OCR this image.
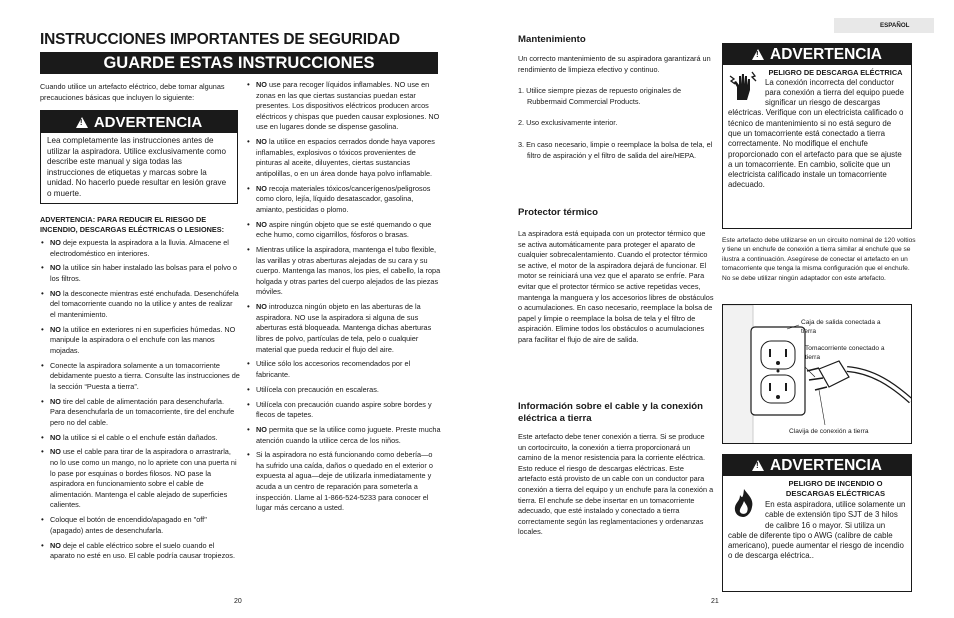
INSTRUCCIONES IMPORTANTES DE SEGURIDAD
GUARDE ESTAS INSTRUCCIONES
Cuando utilice un artefacto eléctrico, debe tomar algunas precauciones básicas que incluyen lo siguiente:
!
ADVERTENCIA
Lea completamente las instrucciones antes de utilizar la aspiradora. Utilice exclusivamente como describe este manual y siga todas las instrucciones de etiquetas y marcas sobre la unidad. No hacerlo puede resultar en lesión grave o muerte.
ADVERTENCIA: PARA REDUCIR EL RIESGO DE INCENDIO, DESCARGAS ELÉCTRICAS O LESIONES:
• NO deje expuesta la aspiradora a la lluvia. Almacene el electrodoméstico en interiores.
• NO la utilice sin haber instalado las bolsas para el polvo o los filtros.
• NO la desconecte mientras esté enchufada. Desenchúfela del tomacorriente cuando no la utilice y antes de realizar el mantenimiento.
• NO la utilice en exteriores ni en superficies húmedas. NO manipule la aspiradora o el enchufe con las manos mojadas.
• Conecte la aspiradora solamente a un tomacorriente debidamente puesto a tierra. Consulte las instrucciones de la sección “Puesta a tierra”.
• NO tire del cable de alimentación para desenchufarla. Para desenchufarla de un tomacorriente, tire del enchufe pero no del cable.
• NO la utilice si el cable o el enchufe están dañados.
• NO use el cable para tirar de la aspiradora o arrastrarla, no lo use como un mango, no lo apriete con una puerta ni lo pase por esquinas o bordes filosos. NO pase la aspiradora en funcionamiento sobre el cable de alimentación. Mantenga el cable alejado de superficies calientes.
• Coloque el botón de encendido/apagado en "off" (apagado) antes de desenchufarla.
• NO deje el cable eléctrico sobre el suelo cuando el aparato no esté en uso. El cable podría causar tropiezos.
• NO use para recoger líquidos inflamables. NO use en zonas en las que ciertas sustancias puedan estar presentes. Los dispositivos eléctricos producen arcos eléctricos y chispas que pueden causar explosiones. NO use en lugares donde se dispense gasolina.
• NO la utilice en espacios cerrados donde haya vapores inflamables, explosivos o tóxicos provenientes de pinturas al aceite, diluyentes, ciertas sustancias antipolillas, o en un área donde haya polvo inflamable.
• NO recoja materiales tóxicos/cancerígenos/peligrosos como cloro, lejía, líquido desatascador, gasolina, amianto, pesticidas o plomo.
• NO aspire ningún objeto que se esté quemando o que eche humo, como cigarrillos, fósforos o brasas.
• Mientras utilice la aspiradora, mantenga el tubo flexible, las varillas y otras aberturas alejadas de su cara y su cuerpo. Mantenga las manos, los pies, el cabello, la ropa holgada y otras partes del cuerpo alejados de las piezas móviles.
• NO introduzca ningún objeto en las aberturas de la aspiradora. NO use la aspiradora si alguna de sus aberturas está bloqueada. Mantenga dichas aberturas libres de polvo, partículas de tela, pelo o cualquier material que pueda reducir el flujo del aire.
• Utilice sólo los accesorios recomendados por el fabricante.
• Utilícela con precaución en escaleras.
• Utilícela con precaución cuando aspire sobre bordes y flecos de tapetes.
• NO permita que se la utilice como juguete. Preste mucha atención cuando la utilice cerca de los niños.
• Si la aspiradora no está funcionando como debería—o ha sufrido una caída, daños o quedado en el exterior o expuesta al agua—deje de utilizarla inmediatamente y acuda a un centro de reparación para someterla a inspección. Llame al 1-866-524-5233 para conocer el lugar más cercano a usted.
20	21
Mantenimiento
Un correcto mantenimiento de su aspiradora garantizará un rendimiento de limpieza efectivo y continuo.
1. Utilice siempre piezas de repuesto originales de Rubbermaid Commercial Products.
2. Uso exclusivamente interior.
3. En caso necesario, limpie o reemplace la bolsa de tela, el filtro de aspiración y el filtro de salida del aire/HEPA.
Protector térmico
La aspiradora está equipada con un protector térmico que se activa automáticamente para proteger el aparato de cualquier sobrecalentamiento. Cuando el protector térmico se active, el motor de la aspiradora dejará de funcionar. El motor se reiniciará una vez que el aparato se enfríe. Para evitar que el protector térmico se active repetidas veces, mantenga la manguera y los accesorios libres de obstáculos o acumulaciones. En caso necesario, reemplace la bolsa de papel y limpie o reemplace la bolsa de tela y el filtro de aspiración. Elimine todos los obstáculos o acumulaciones para facilitar el flujo de aire de salida.
Información sobre el cable y la conexión eléctrica a tierra
Este artefacto debe tener conexión a tierra. Si se produce un cortocircuito, la conexión a tierra proporcionará un camino de la menor resistencia para la corriente eléctrica. Esto reduce el riesgo de descargas eléctricas. Este artefacto está provisto de un cable con un conductor para conexión a tierra del equipo y un enchufe para la conexión a tierra. El enchufe se debe insertar en un tomacorriente adecuado, que esté instalado y conectado a tierra correctamente según las reglamentaciones y ordenanzas locales.
ESPAÑOL
!
ADVERTENCIA
PELIGRO DE DESCARGA ELÉCTRICA
La conexión incorrecta del conductor para conexión a tierra del equipo puede significar un riesgo de descargas eléctricas. Verifique con un electricista calificado o técnico de mantenimiento si no está seguro de que un tomacorriente está conectado a tierra correctamente. No modifique el enchufe proporcionado con el artefacto para que se ajuste a un tomacorriente. En cambio, solicite que un electricista calificado instale un tomacorriente adecuado.
Este artefacto debe utilizarse en un circuito nominal de 120 voltios y tiene un enchufe de conexión a tierra similar al enchufe que se ilustra a continuación. Asegúrese de conectar el artefacto en un tomacorriente que tenga la misma configuración que el enchufe. No se debe utilizar ningún adaptador con este artefacto.
Caja de salida conectada a tierra
Tomacorriente conectado a tierra
Clavija de conexión a tierra
!
ADVERTENCIA
PELIGRO DE INCENDIO O DESCARGAS ELÉCTRICAS
En esta aspiradora, utilice solamente un cable de extensión tipo SJT de 3 hilos de calibre 16 o mayor. Si utiliza un cable de diferente tipo o AWG (calibre de cable americano), puede aumentar el riesgo de incendio o de descarga eléctrica..
